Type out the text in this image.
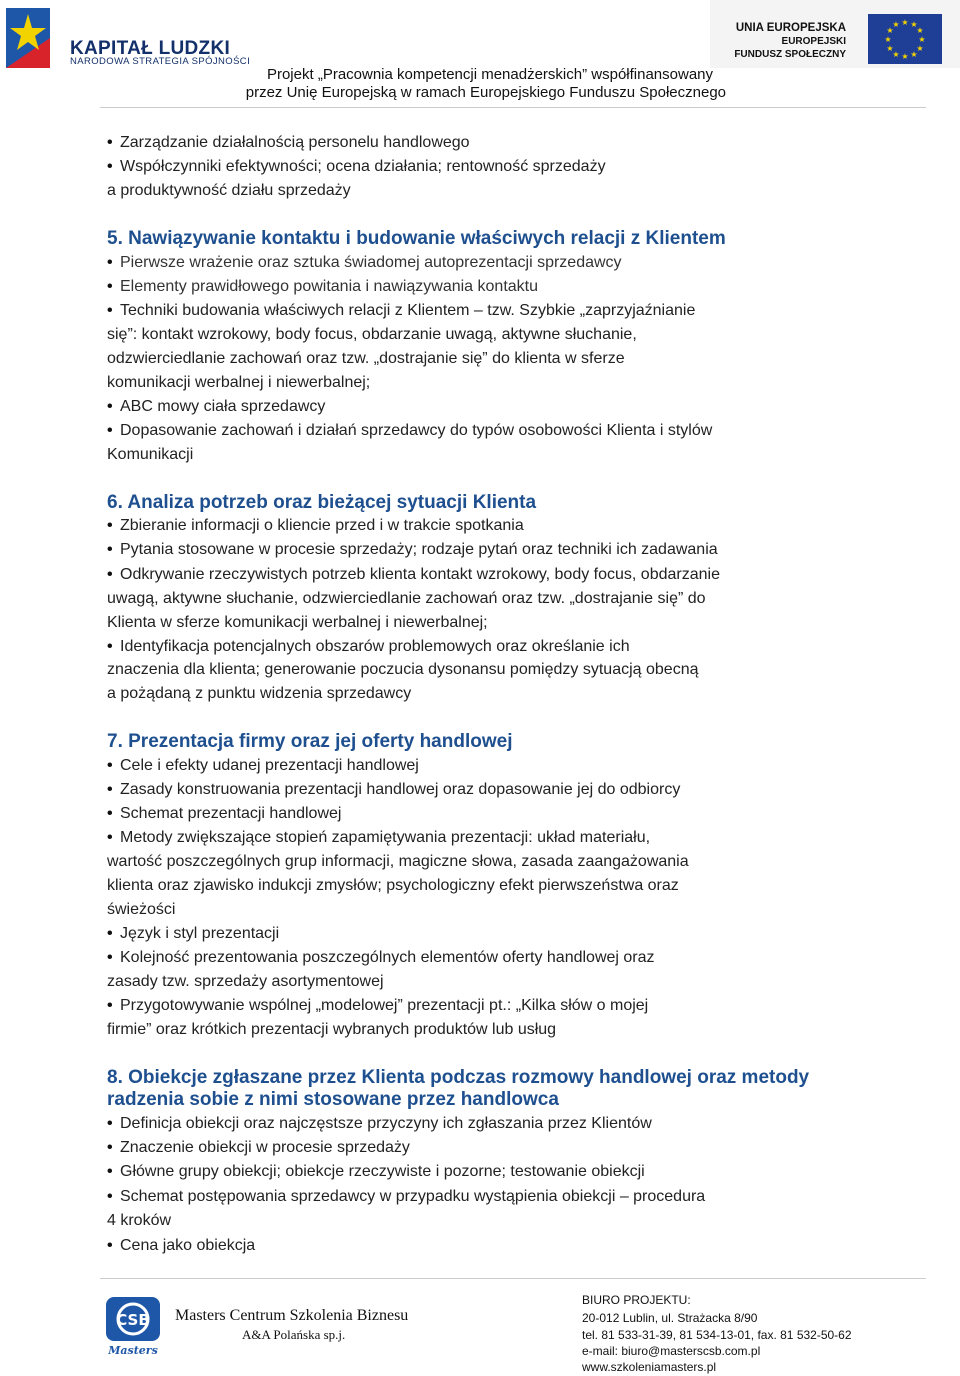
KAPITAŁ LUDZKI
NARODOWA STRATEGIA SPÓJNOŚCI
UNIA EUROPEJSKA
EUROPEJSKI
FUNDUSZ SPOŁECZNY
★ ★
★
★
★
★
★
★
★
★
★
★
Projekt „Pracownia kompetencji menadżerskich” współfinansowany
przez Unię Europejską w ramach Europejskiego Funduszu Społecznego
• Zarządzanie działalnością personelu handlowego
• Współczynniki efektywności; ocena działania; rentowność sprzedaży
a produktywność działu sprzedaży
5. Nawiązywanie kontaktu i budowanie właściwych relacji z Klientem
• Pierwsze wrażenie oraz sztuka świadomej autoprezentacji sprzedawcy
• Elementy prawidłowego powitania i nawiązywania kontaktu
• Techniki budowania właściwych relacji z Klientem – tzw. Szybkie „zaprzyjaźnianie
się”: kontakt wzrokowy, body focus, obdarzanie uwagą, aktywne słuchanie,
odzwierciedlanie zachowań oraz tzw. „dostrajanie się” do klienta w sferze
komunikacji werbalnej i niewerbalnej;
• ABC mowy ciała sprzedawcy
• Dopasowanie zachowań i działań sprzedawcy do typów osobowości Klienta i stylów
Komunikacji
6. Analiza potrzeb oraz bieżącej sytuacji Klienta
• Zbieranie informacji o kliencie przed i w trakcie spotkania
• Pytania stosowane w procesie sprzedaży; rodzaje pytań oraz techniki ich zadawania
• Odkrywanie rzeczywistych potrzeb klienta kontakt wzrokowy, body focus, obdarzanie
uwagą, aktywne słuchanie, odzwierciedlanie zachowań oraz tzw. „dostrajanie się” do
Klienta w sferze komunikacji werbalnej i niewerbalnej;
• Identyfikacja potencjalnych obszarów problemowych oraz określanie ich
znaczenia dla klienta; generowanie poczucia dysonansu pomiędzy sytuacją obecną
a pożądaną z punktu widzenia sprzedawcy
7. Prezentacja firmy oraz jej oferty handlowej
• Cele i efekty udanej prezentacji handlowej
• Zasady konstruowania prezentacji handlowej oraz dopasowanie jej do odbiorcy
• Schemat prezentacji handlowej
• Metody zwiększające stopień zapamiętywania prezentacji: układ materiału,
wartość poszczególnych grup informacji, magiczne słowa, zasada zaangażowania
klienta oraz zjawisko indukcji zmysłów; psychologiczny efekt pierwszeństwa oraz
świeżości
• Język i styl prezentacji
• Kolejność prezentowania poszczególnych elementów oferty handlowej oraz
zasady tzw. sprzedaży asortymentowej
• Przygotowywanie wspólnej „modelowej” prezentacji pt.: „Kilka słów o mojej
firmie” oraz krótkich prezentacji wybranych produktów lub usług
8. Obiekcje zgłaszane przez Klienta podczas rozmowy handlowej oraz metody
radzenia sobie z nimi stosowane przez handlowca
• Definicja obiekcji oraz najczęstsze przyczyny ich zgłaszania przez Klientów
• Znaczenie obiekcji w procesie sprzedaży
• Główne grupy obiekcji; obiekcje rzeczywiste i pozorne; testowanie obiekcji
• Schemat postępowania sprzedawcy w przypadku wystąpienia obiekcji – procedura
4 kroków
• Cena jako obiekcja
CSB
Masters
Masters Centrum Szkolenia Biznesu
A&A Polańska sp.j.
BIURO PROJEKTU:
20-012 Lublin, ul. Strażacka 8/90
tel. 81 533-31-39, 81 534-13-01, fax. 81 532-50-62
e-mail: biuro@masterscsb.com.pl
www.szkoleniamasters.pl
